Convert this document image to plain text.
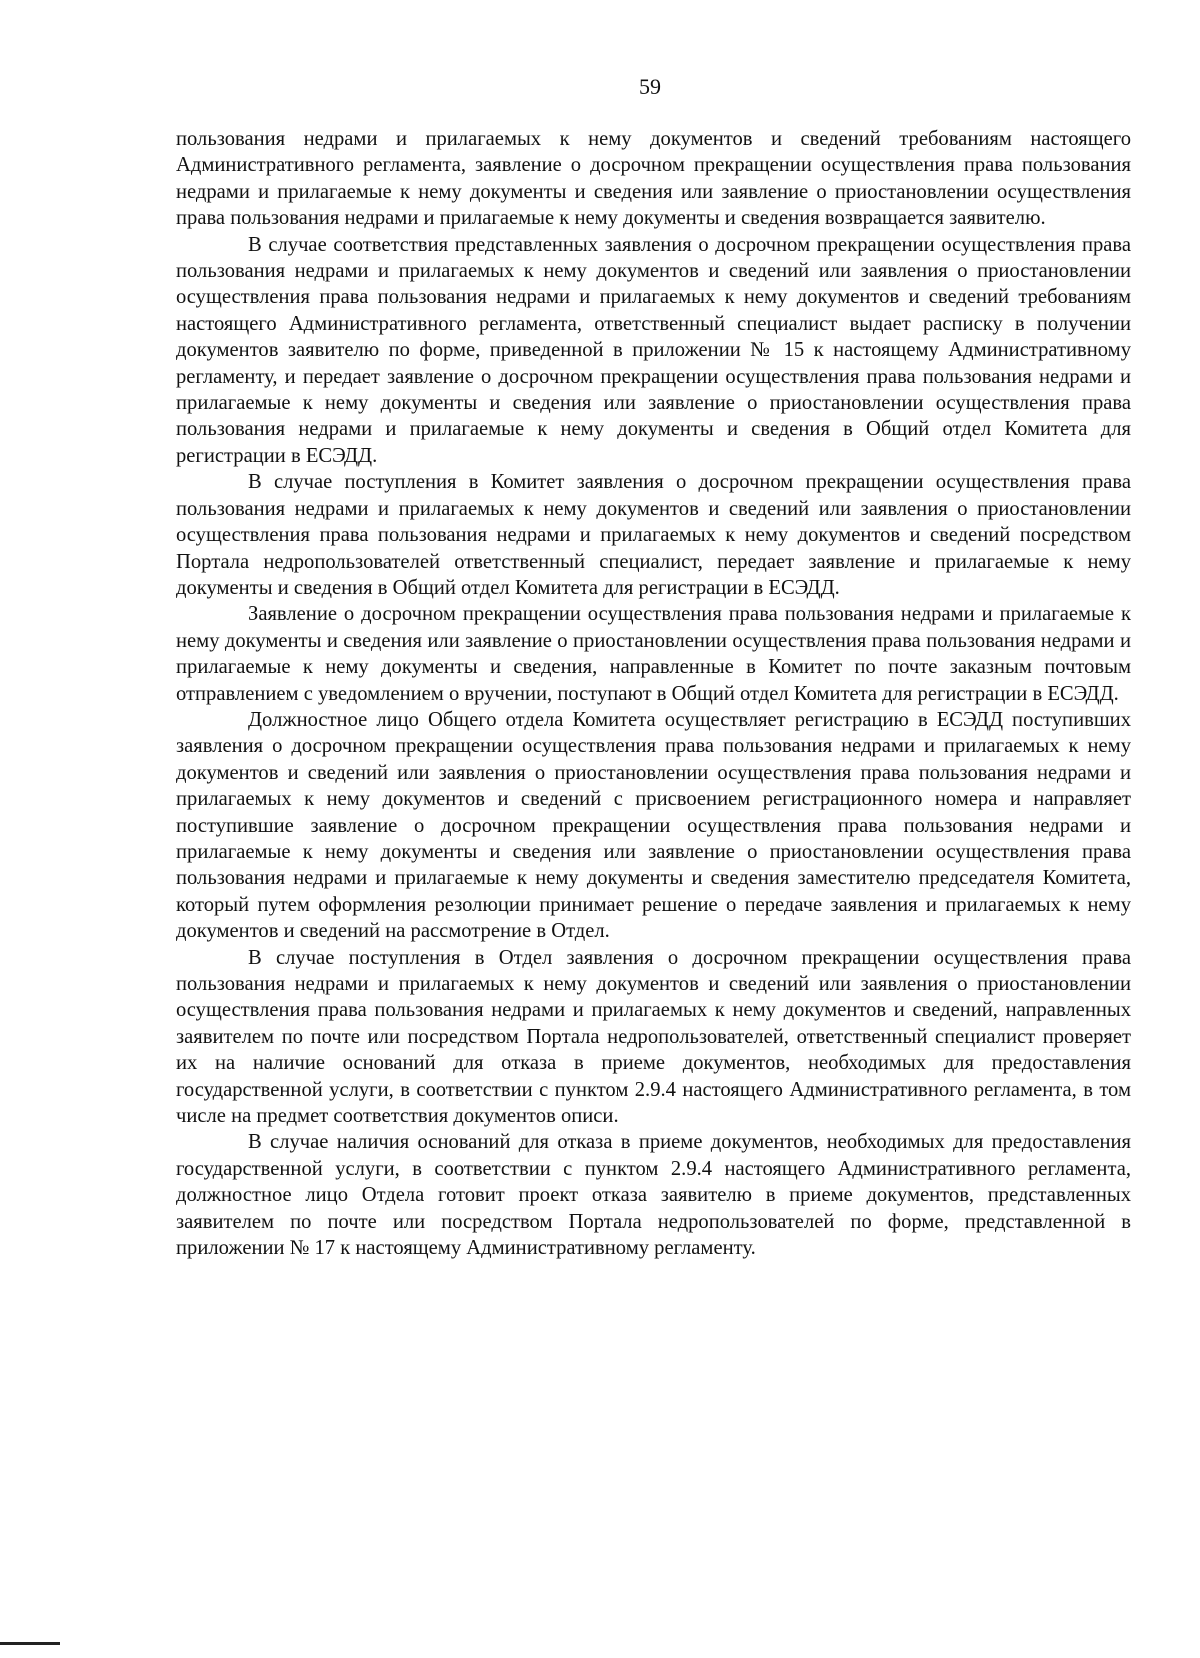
59

пользования недрами и прилагаемых к нему документов и сведений требованиям настоящего Административного регламента, заявление о досрочном прекращении осуществления права пользования недрами и прилагаемые к нему документы и сведения или заявление о приостановлении осуществления права пользования недрами и прилагаемые к нему документы и сведения возвращается заявителю.

В случае соответствия представленных заявления о досрочном прекращении осуществления права пользования недрами и прилагаемых к нему документов и сведений или заявления о приостановлении осуществления права пользования недрами и прилагаемых к нему документов и сведений требованиям настоящего Административного регламента, ответственный специалист выдает расписку в получении документов заявителю по форме, приведенной в приложении № 15 к настоящему Административному регламенту, и передает заявление о досрочном прекращении осуществления права пользования недрами и прилагаемые к нему документы и сведения или заявление о приостановлении осуществления права пользования недрами и прилагаемые к нему документы и сведения в Общий отдел Комитета для регистрации в ЕСЭДД.

В случае поступления в Комитет заявления о досрочном прекращении осуществления права пользования недрами и прилагаемых к нему документов и сведений или заявления о приостановлении осуществления права пользования недрами и прилагаемых к нему документов и сведений посредством Портала недропользователей ответственный специалист, передает заявление и прилагаемые к нему документы и сведения в Общий отдел Комитета для регистрации в ЕСЭДД.

Заявление о досрочном прекращении осуществления права пользования недрами и прилагаемые к нему документы и сведения или заявление о приостановлении осуществления права пользования недрами и прилагаемые к нему документы и сведения, направленные в Комитет по почте заказным почтовым отправлением с уведомлением о вручении, поступают в Общий отдел Комитета для регистрации в ЕСЭДД.

Должностное лицо Общего отдела Комитета осуществляет регистрацию в ЕСЭДД поступивших заявления о досрочном прекращении осуществления права пользования недрами и прилагаемых к нему документов и сведений или заявления о приостановлении осуществления права пользования недрами и прилагаемых к нему документов и сведений с присвоением регистрационного номера и направляет поступившие заявление о досрочном прекращении осуществления права пользования недрами и прилагаемые к нему документы и сведения или заявление о приостановлении осуществления права пользования недрами и прилагаемые к нему документы и сведения заместителю председателя Комитета, который путем оформления резолюции принимает решение о передаче заявления и прилагаемых к нему документов и сведений на рассмотрение в Отдел.

В случае поступления в Отдел заявления о досрочном прекращении осуществления права пользования недрами и прилагаемых к нему документов и сведений или заявления о приостановлении осуществления права пользования недрами и прилагаемых к нему документов и сведений, направленных заявителем по почте или посредством Портала недропользователей, ответственный специалист проверяет их на наличие оснований для отказа в приеме документов, необходимых для предоставления государственной услуги, в соответствии с пунктом 2.9.4 настоящего Административного регламента, в том числе на предмет соответствия документов описи.

В случае наличия оснований для отказа в приеме документов, необходимых для предоставления государственной услуги, в соответствии с пунктом 2.9.4 настоящего Административного регламента, должностное лицо Отдела готовит проект отказа заявителю в приеме документов, представленных заявителем по почте или посредством Портала недропользователей по форме, представленной в приложении № 17 к настоящему Административному регламенту.
